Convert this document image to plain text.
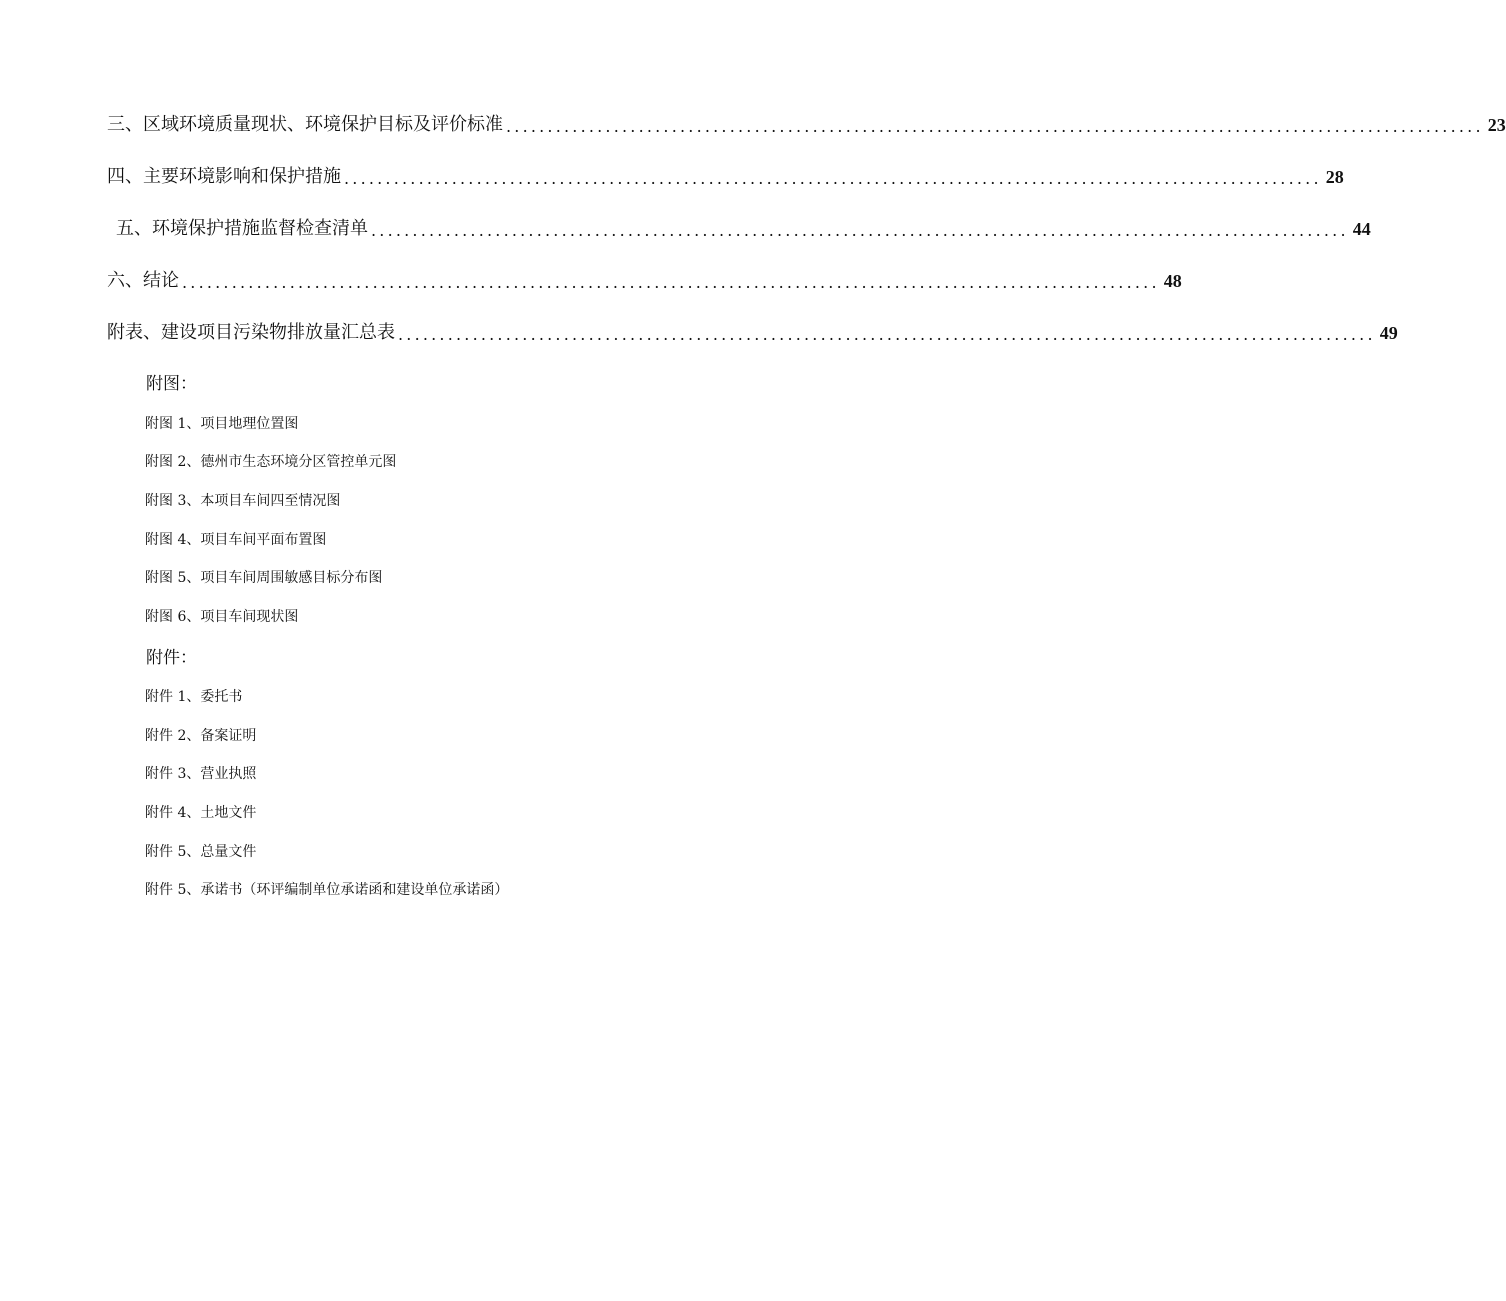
三、区域环境质量现状、环境保护目标及评价标准 ...................................................................................................................... 23
四、主要环境影响和保护措施 ...................................................................................................................... 28
五、环境保护措施监督检查清单 ...................................................................................................................... 44
六、结论 ...................................................................................................................... 48
附表、建设项目污染物排放量汇总表 ...................................................................................................................... 49
附图：
附图 1、项目地理位置图
附图 2、德州市生态环境分区管控单元图
附图 3、本项目车间四至情况图
附图 4、项目车间平面布置图
附图 5、项目车间周围敏感目标分布图
附图 6、项目车间现状图
附件：
附件 1、委托书
附件 2、备案证明
附件 3、营业执照
附件 4、土地文件
附件 5、总量文件
附件 5、承诺书（环评编制单位承诺函和建设单位承诺函）
